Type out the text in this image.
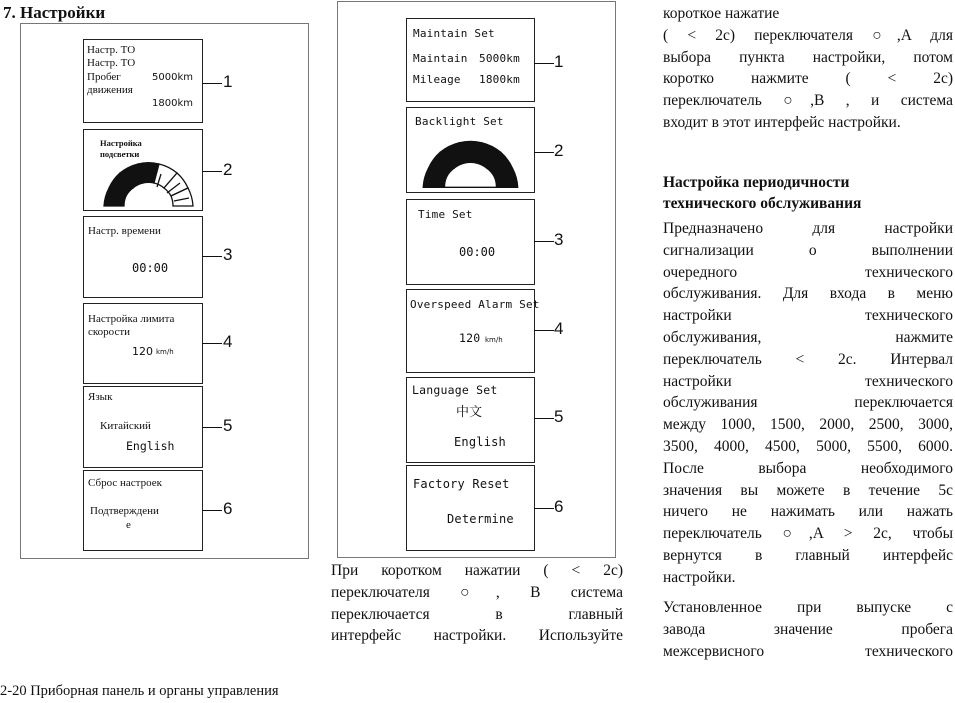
7. Настройки
Настр. ТО
Настр. ТО
Пробег
движения
5000km
1800km
1
Настройка
подсветки
2
Настр. времени
00:00
3
Настройка лимита
скорости
120 km/h
4
Язык
Китайский
English
5
Сброс настроек
Подтверждени
е
6
Maintain Set
Maintain 5000km
Mileage 1800km
1
Backlight Set
2
Time Set
00:00
3
Overspeed Alarm Set
120 km/h
4
Language Set
中文
English
5
Factory Reset
Determine
6
При коротком нажатии ( < 2с)
переключателя ○, В система
переключается в главный
интерфейс настройки. Используйте
короткое нажатие
( < 2с) переключателя ○,A для
выбора пункта настройки, потом
коротко нажмите ( < 2с)
переключатель ○,B , и система
входит в этот интерфейс настройки.
Настройка периодичности
технического обслуживания
Предназначено для настройки
сигнализации о выполнении
очередного технического
обслуживания. Для входа в меню
настройки технического
обслуживания, нажмите
переключатель < 2с. Интервал
настройки технического
обслуживания переключается
между 1000, 1500, 2000, 2500, 3000,
3500, 4000, 4500, 5000, 5500, 6000.
После выбора необходимого
значения вы можете в течение 5с
ничего не нажимать или нажать
переключатель ○,A > 2с, чтобы
вернутся в главный интерфейс
настройки.
Установленное при выпуске с
завода значение пробега
межсервисного технического
2-20 Приборная панель и органы управления
